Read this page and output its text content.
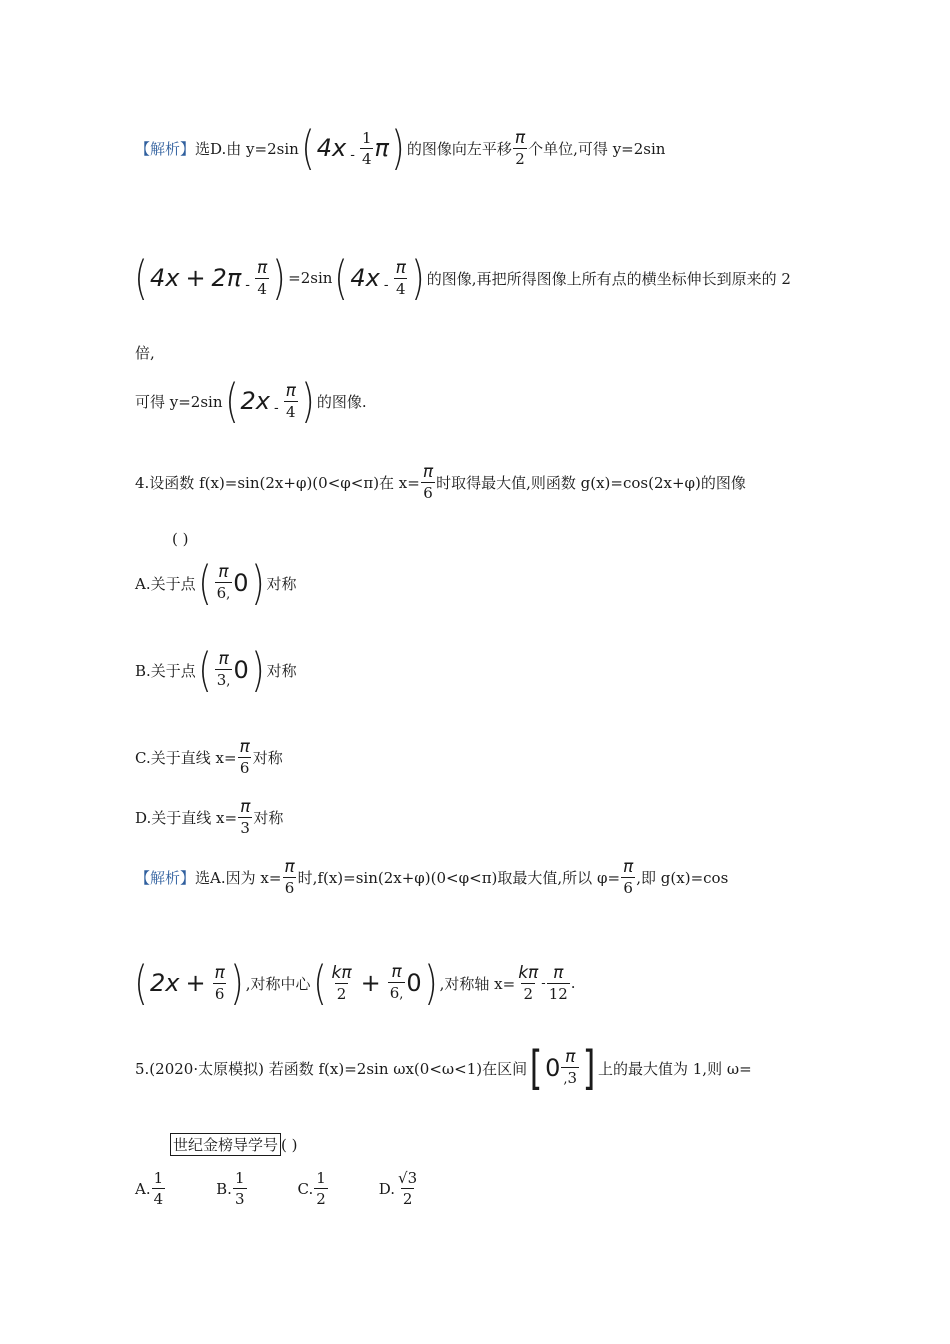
【解析】 选D.由 y=2sin ( 4x -
1
4 π ) 的图像向左平移
π
2
个单位,可得 y=2sin
( 4x + 2π -
π
4 ) =2sin ( 4x -
π
4 ) 的图像,再把所得图像上所有点的横坐标伸长到原来的 2
倍,
可得 y=2sin ( 2x -
π
4 ) 的图像.
4.设函数 f(x)=sin(2x+φ)(0<φ<π)在 $x= \frac{\pi}{6}$ 时取得最大值,则函数 g(x)=cos(2x+φ)的图像
( )
A.关于点 ( π
6, 0 ) 对称
B.关于点 ( π
3, 0 ) 对称
C.关于直线 $x= \frac{\pi}{6}$ 对称
D.关于直线 $x= \frac{\pi}{3}$ 对称
【解析】 选A.因为 $x= \frac{\pi}{6}$ 时,f(x)=sin(2x+φ)(0<φ<π)取最大值,所以 $\varphi= \frac{\pi}{6}$ ,即 g(x)=cos
( $2x + \frac{\pi}{6}$ ) ,对称中心 ( kπ
$2 + \frac{\pi}{6,} 0$ ) ,对称轴 $x= \frac{k\pi}{2}$ -
π
12
.
5.(2020·太原模拟) 若函数 f(x)=2sin ωx(0<ω<1)在区间 [ 0 π
,3 ] 上的最大值为 1,则 ω=
世纪金榜导学号 ( )
A.
1
4
B.
1
3
C.
1
2
D.
√3
2
